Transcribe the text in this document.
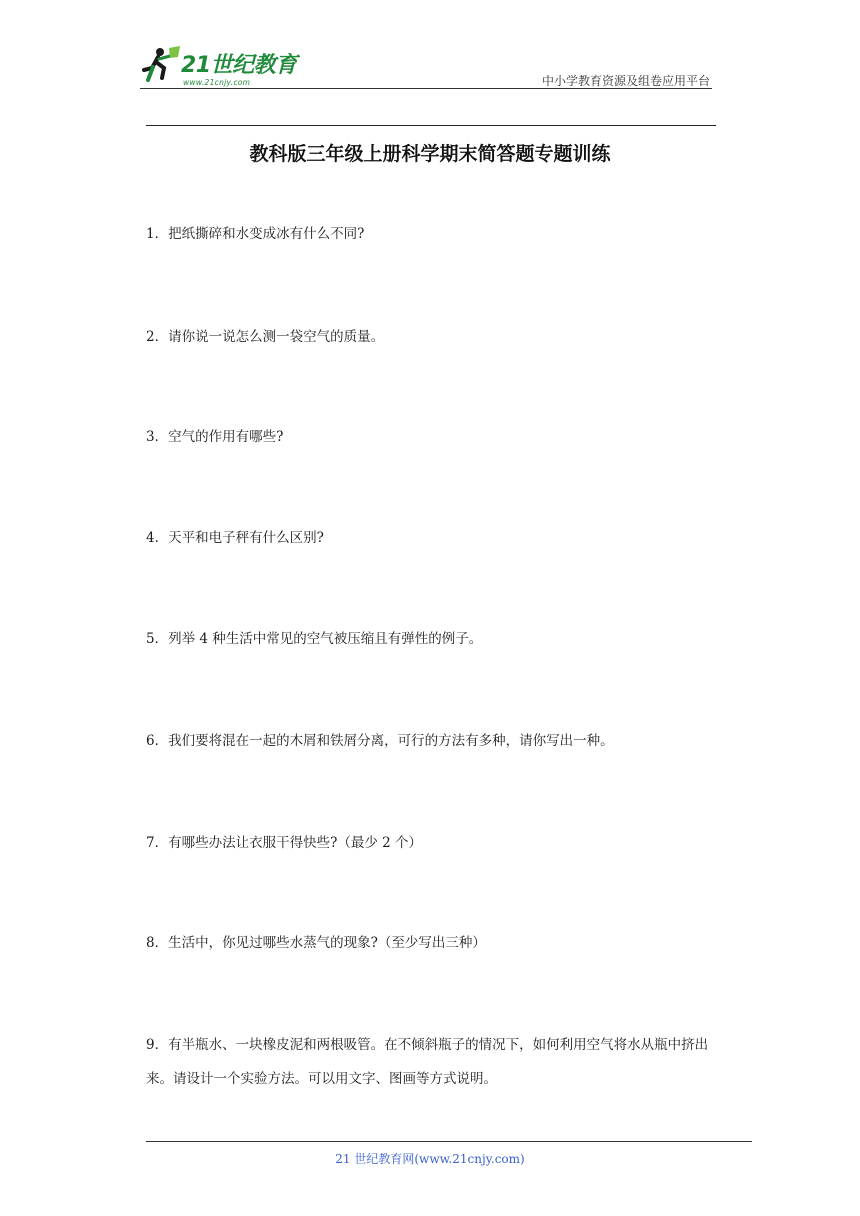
21世纪教育
www.21cnjy.com	中小学教育资源及组卷应用平台
教科版三年级上册科学期末简答题专题训练
1．把纸撕碎和水变成冰有什么不同?
2．请你说一说怎么测一袋空气的质量。
3．空气的作用有哪些?
4．天平和电子秤有什么区别?
5．列举 4 种生活中常见的空气被压缩且有弹性的例子。
6．我们要将混在一起的木屑和铁屑分离，可行的方法有多种，请你写出一种。
7．有哪些办法让衣服干得快些?（最少 2 个）
8．生活中，你见过哪些水蒸气的现象?（至少写出三种）
9．有半瓶水、一块橡皮泥和两根吸管。在不倾斜瓶子的情况下，如何利用空气将水从瓶中挤出来。请设计一个实验方法。可以用文字、图画等方式说明。
21 世纪教育网(www.21cnjy.com)
